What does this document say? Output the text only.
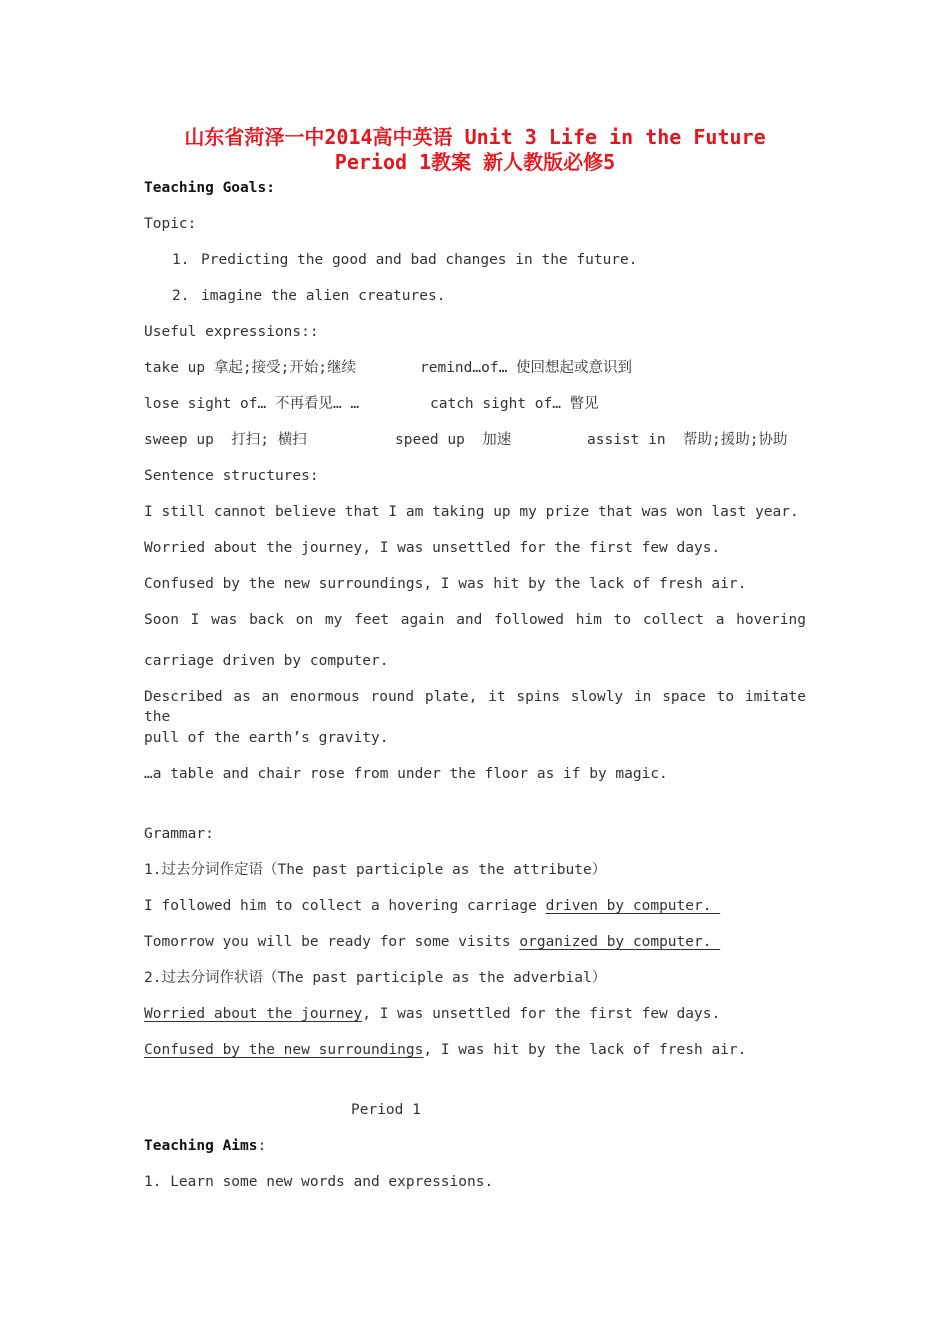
山东省菏泽一中2014高中英语 Unit 3 Life in the Future
Period 1教案 新人教版必修5
Teaching Goals:
Topic:
1. Predicting the good and bad changes in the future.
2. imagine the alien creatures.
Useful expressions::
take up 拿起;接受;开始;继续	remind…of… 使回想起或意识到
lose sight of… 不再看见… …	catch sight of… 瞥见
sweep up  打扫; 横扫	speed up  加速	assist in  帮助;援助;协助
Sentence structures:
I still cannot believe that I am taking up my prize that was won last year.
Worried about the journey, I was unsettled for the first few days.
Confused by the new surroundings, I was hit by the lack of fresh air.
Soon I was back on my feet again and followed him to collect a hovering
carriage driven by computer.
Described as an enormous round plate, it spins slowly in space to imitate the
pull of the earth’s gravity.
…a table and chair rose from under the floor as if by magic.
Grammar:
1.过去分词作定语（The past participle as the attribute）
I followed him to collect a hovering carriage driven by computer.
Tomorrow you will be ready for some visits organized by computer.
2.过去分词作状语（The past participle as the adverbial）
Worried about the journey, I was unsettled for the first few days.
Confused by the new surroundings, I was hit by the lack of fresh air.
Period 1
Teaching Aims:
1. Learn some new words and expressions.
